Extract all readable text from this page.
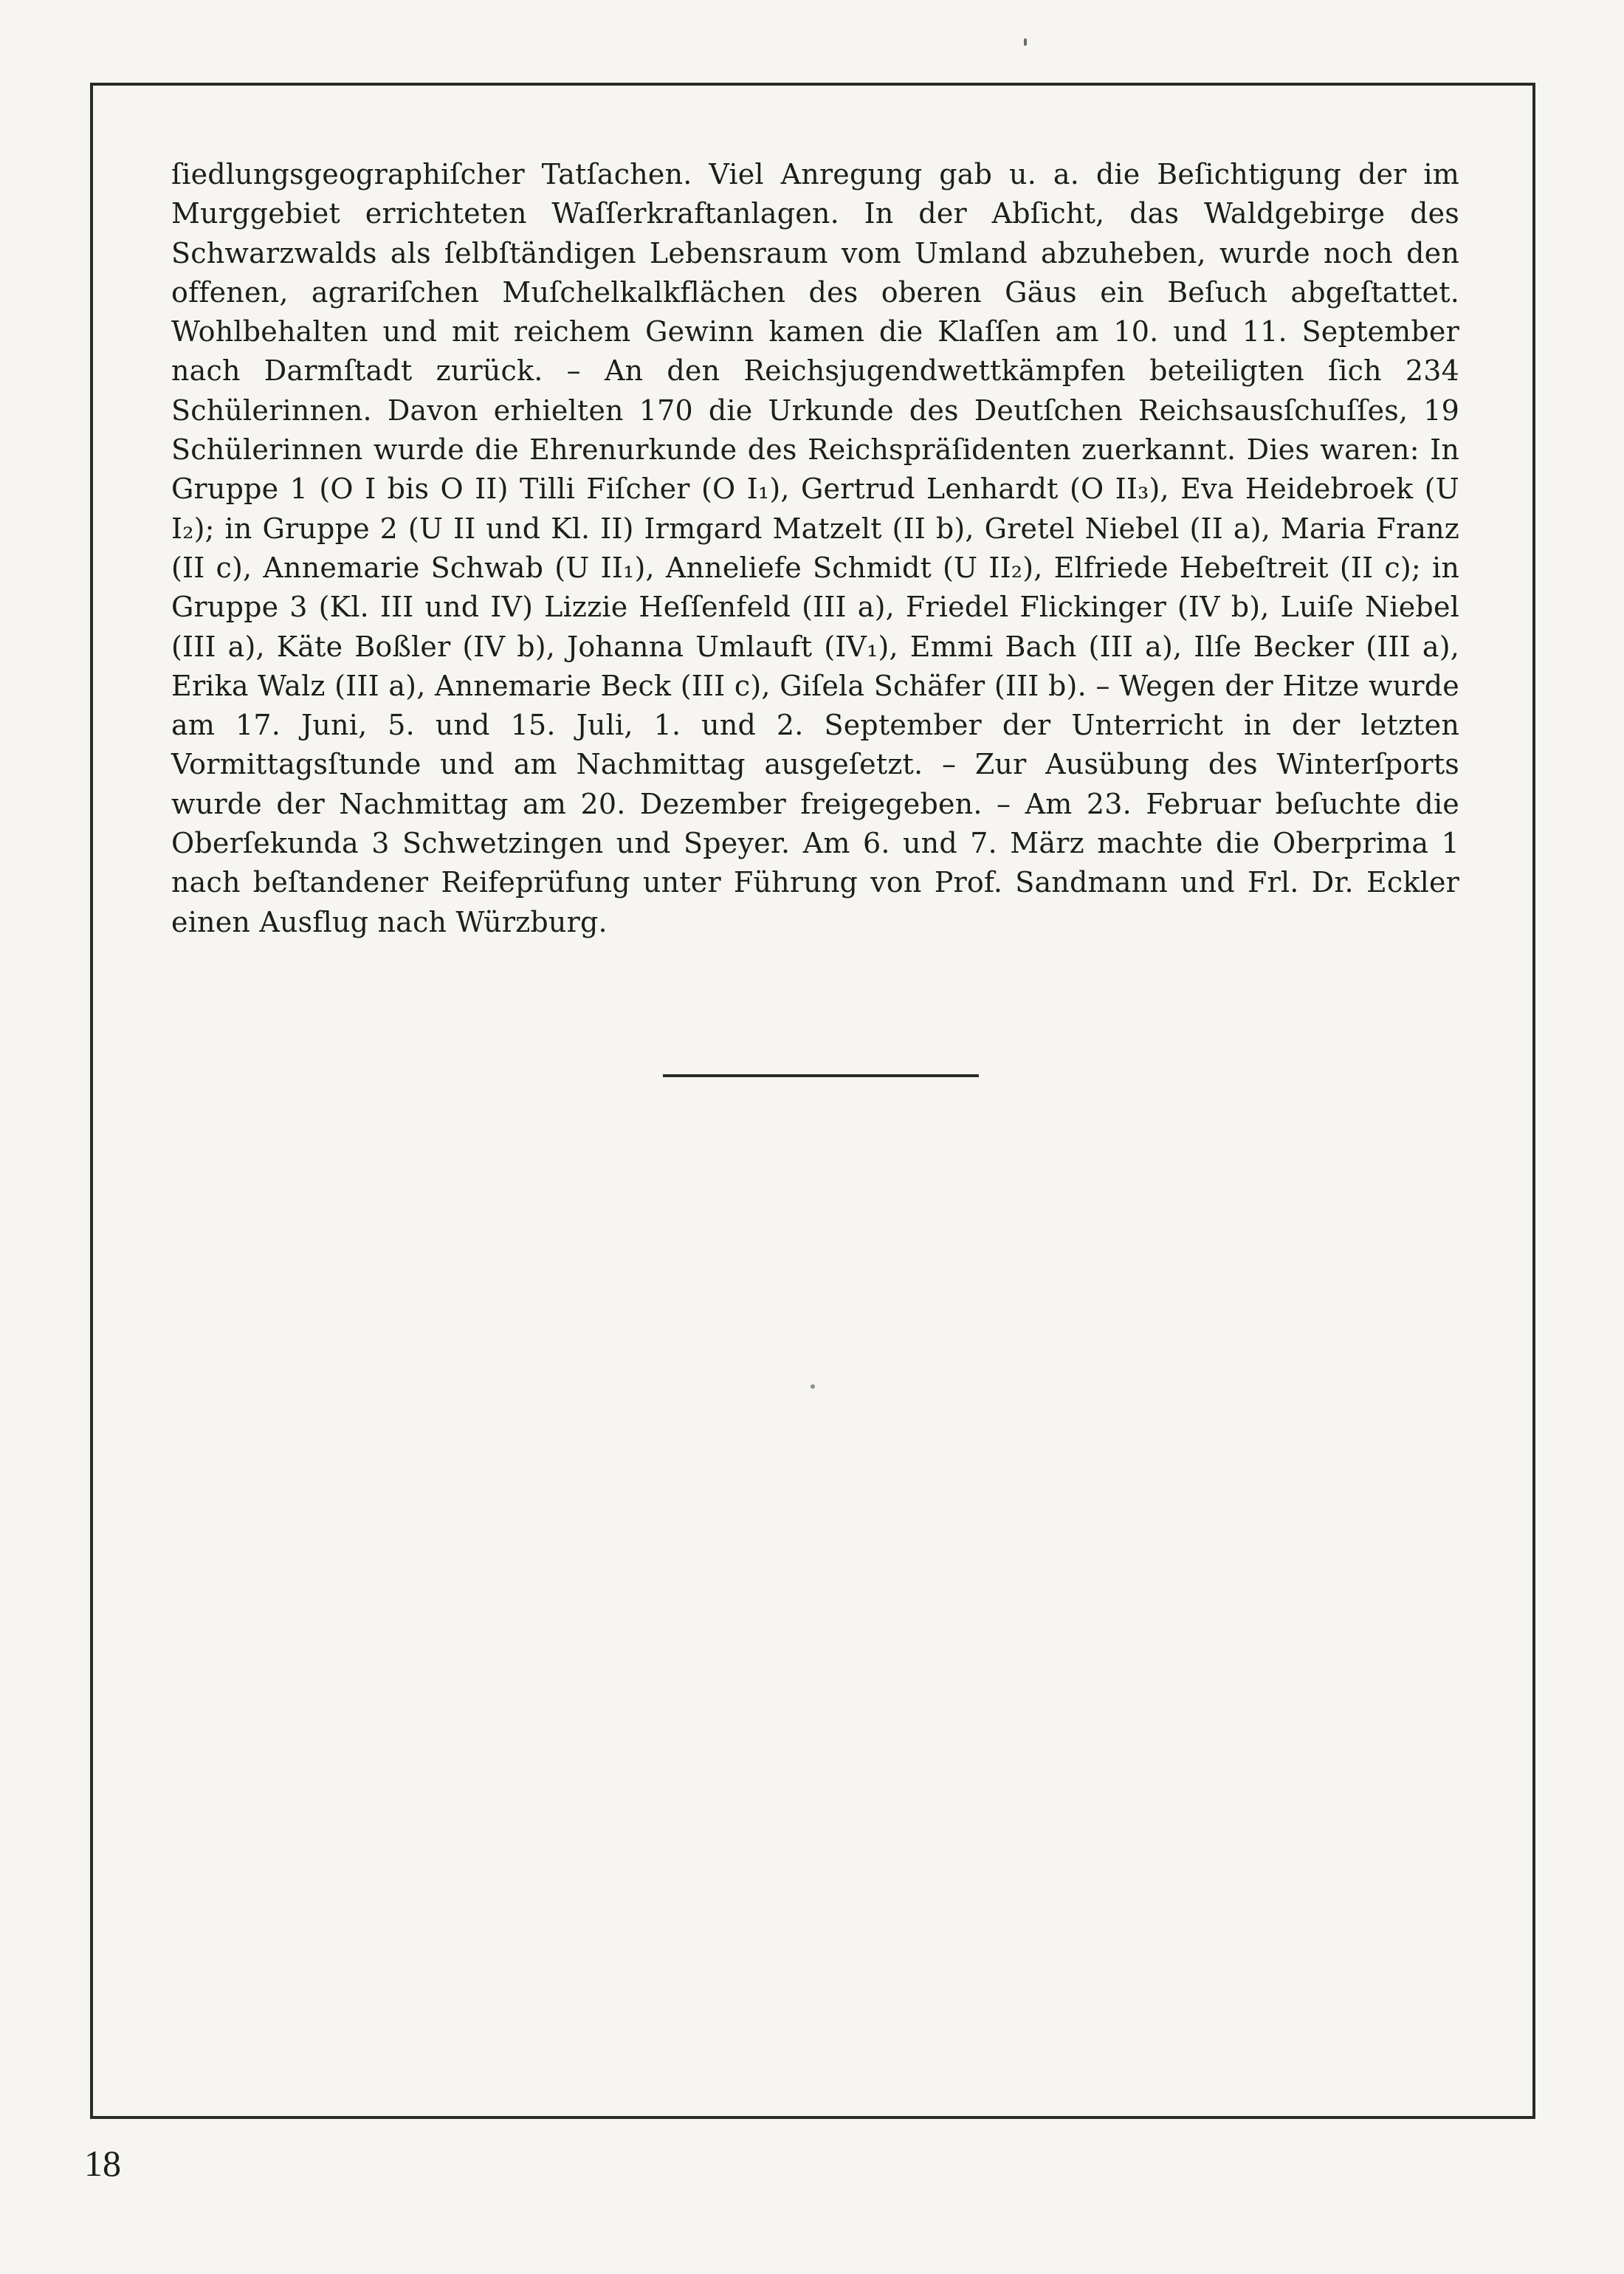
ſiedlungsgeographiſcher Tatſachen. Viel Anregung gab u. a. die Beſichtigung der im Murggebiet errichteten Waſſerkraftanlagen. In der Abſicht, das Waldgebirge des Schwarzwalds als ſelbſtändigen Lebensraum vom Umland abzuheben, wurde noch den offenen, agrariſchen Muſchelkalkflächen des oberen Gäus ein Beſuch abgeſtattet. Wohlbehalten und mit reichem Gewinn kamen die Klaſſen am 10. und 11. September nach Darmſtadt zurück. – An den Reichsjugendwettkämpfen beteiligten ſich 234 Schülerinnen. Davon erhielten 170 die Urkunde des Deutſchen Reichsausſchuſſes, 19 Schülerinnen wurde die Ehrenurkunde des Reichspräſidenten zuerkannt. Dies waren: In Gruppe 1 (O I bis O II) Tilli Fiſcher (O I₁), Gertrud Lenhardt (O II₃), Eva Heidebroek (U I₂); in Gruppe 2 (U II und Kl. II) Irmgard Matzelt (II b), Gretel Niebel (II a), Maria Franz (II c), Annemarie Schwab (U II₁), Anneliefe Schmidt (U II₂), Elfriede Hebeſtreit (II c); in Gruppe 3 (Kl. III und IV) Lizzie Heſſenfeld (III a), Friedel Flickinger (IV b), Luiſe Niebel (III a), Käte Boßler (IV b), Johanna Umlauft (IV₁), Emmi Bach (III a), Ilſe Becker (III a), Erika Walz (III a), Annemarie Beck (III c), Giſela Schäfer (III b). – Wegen der Hitze wurde am 17. Juni, 5. und 15. Juli, 1. und 2. September der Unterricht in der letzten Vormittagsſtunde und am Nachmittag ausgeſetzt. – Zur Ausübung des Winterſports wurde der Nachmittag am 20. Dezember freigegeben. – Am 23. Februar beſuchte die Oberſekunda 3 Schwetzingen und Speyer. Am 6. und 7. März machte die Oberprima 1 nach beſtandener Reifeprüfung unter Führung von Prof. Sandmann und Frl. Dr. Eckler einen Ausflug nach Würzburg.

18
